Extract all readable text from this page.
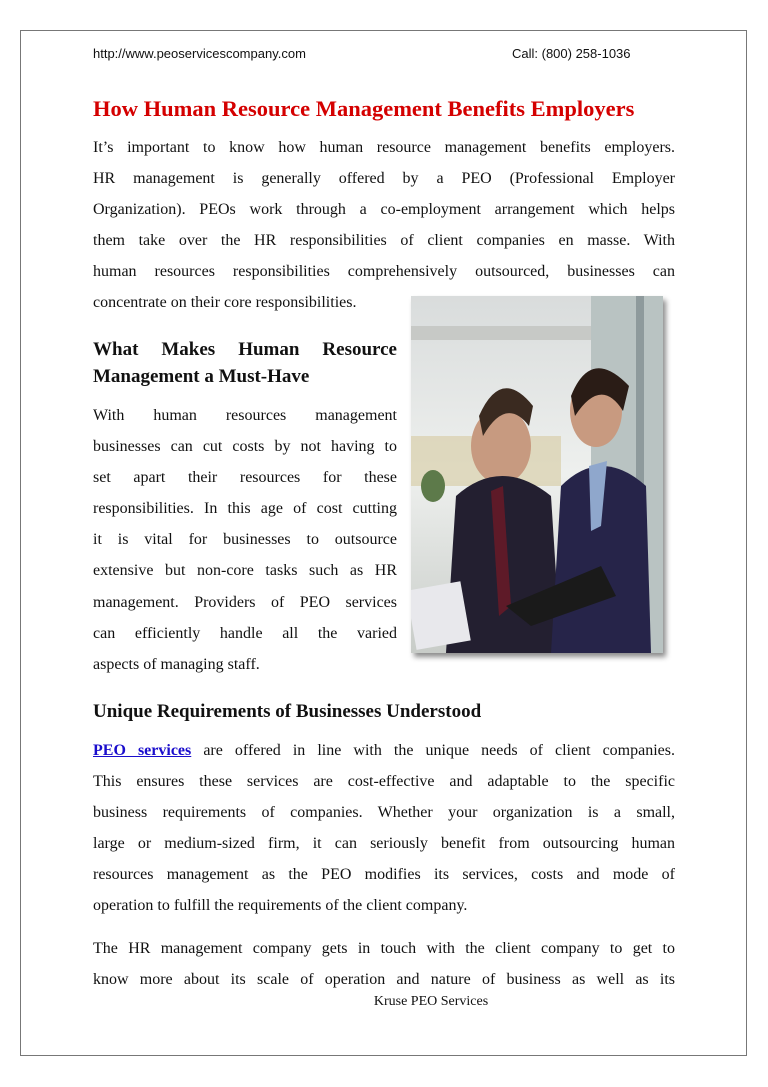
http://www.peoservicescompany.com	Call: (800) 258-1036
How Human Resource Management Benefits Employers
It’s important to know how human resource management benefits employers.
HR management is generally offered by a PEO (Professional Employer
Organization). PEOs work through a co-employment arrangement which helps
them take over the HR responsibilities of client companies en masse. With
human resources responsibilities comprehensively outsourced, businesses can
concentrate on their core responsibilities.
What Makes Human Resource
Management a Must-Have
With human resources management
businesses can cut costs by not having to
set apart their resources for these
responsibilities. In this age of cost cutting
it is vital for businesses to outsource
extensive but non-core tasks such as HR
management. Providers of PEO services
can efficiently handle all the varied
aspects of managing staff.
Unique Requirements of Businesses Understood
PEO services are offered in line with the unique needs of client companies.
This ensures these services are cost-effective and adaptable to the specific
business requirements of companies. Whether your organization is a small,
large or medium-sized firm, it can seriously benefit from outsourcing human
resources management as the PEO modifies its services, costs and mode of
operation to fulfill the requirements of the client company.
The HR management company gets in touch with the client company to get to
know more about its scale of operation and nature of business as well as its
Kruse PEO Services
